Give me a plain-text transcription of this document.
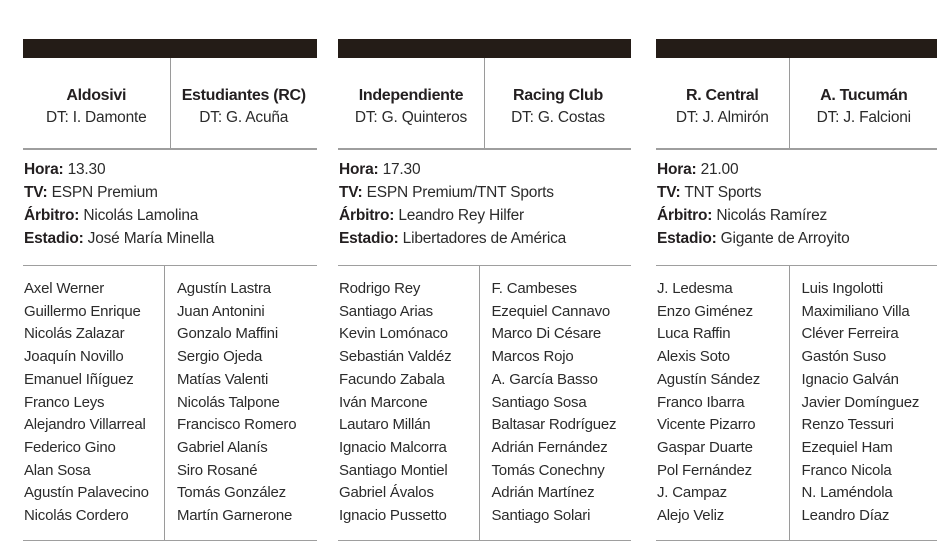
Aldosivi
DT: I. Damonte
Estudiantes (RC)
DT: G. Acuña
Hora: 13.30
TV: ESPN Premium
Árbitro: Nicolás Lamolina
Estadio: José María Minella
Axel Werner
Guillermo Enrique
Nicolás Zalazar
Joaquín Novillo
Emanuel Iñíguez
Franco Leys
Alejandro Villarreal
Federico Gino
Alan Sosa
Agustín Palavecino
Nicolás Cordero
Agustín Lastra
Juan Antonini
Gonzalo Maffini
Sergio Ojeda
Matías Valenti
Nicolás Talpone
Francisco Romero
Gabriel Alanís
Siro Rosané
Tomás González
Martín Garnerone
Independiente
DT: G. Quinteros
Racing Club
DT: G. Costas
Hora: 17.30
TV: ESPN Premium/TNT Sports
Árbitro: Leandro Rey Hilfer
Estadio: Libertadores de América
Rodrigo Rey
Santiago Arias
Kevin Lomónaco
Sebastián Valdéz
Facundo Zabala
Iván Marcone
Lautaro Millán
Ignacio Malcorra
Santiago Montiel
Gabriel Ávalos
Ignacio Pussetto
F. Cambeses
Ezequiel Cannavo
Marco Di Césare
Marcos Rojo
A. García Basso
Santiago Sosa
Baltasar Rodríguez
Adrián Fernández
Tomás Conechny
Adrián Martínez
Santiago Solari
R. Central
DT: J. Almirón
A. Tucumán
DT: J. Falcioni
Hora: 21.00
TV: TNT Sports
Árbitro: Nicolás Ramírez
Estadio: Gigante de Arroyito
J. Ledesma
Enzo Giménez
Luca Raffin
Alexis Soto
Agustín Sández
Franco Ibarra
Vicente Pizarro
Gaspar Duarte
Pol Fernández
J. Campaz
Alejo Veliz
Luis Ingolotti
Maximiliano Villa
Cléver Ferreira
Gastón Suso
Ignacio Galván
Javier Domínguez
Renzo Tessuri
Ezequiel Ham
Franco Nicola
N. Laméndola
Leandro Díaz
